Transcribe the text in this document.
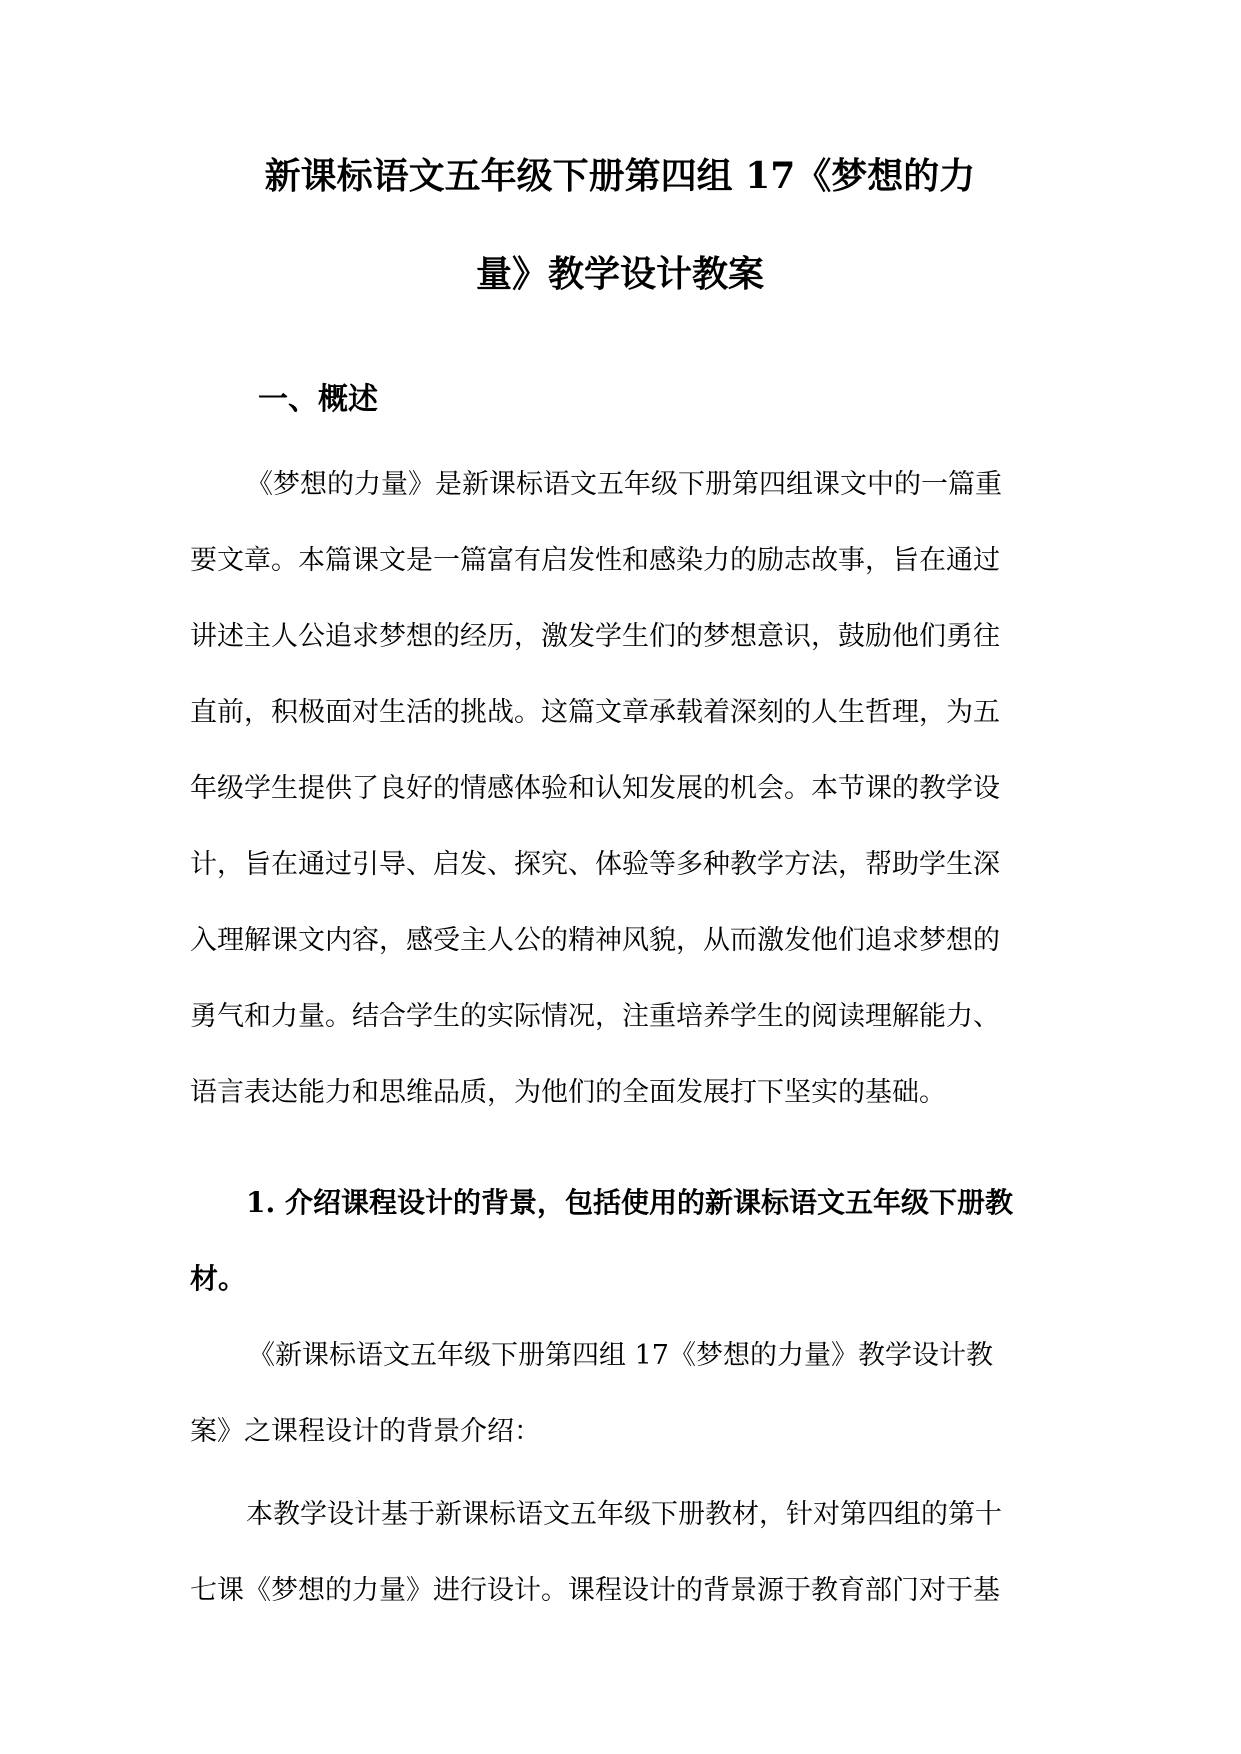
新课标语文五年级下册第四组 17《梦想的力
量》教学设计教案
一、概述
《梦想的力量》是新课标语文五年级下册第四组课文中的一篇重
要文章。本篇课文是一篇富有启发性和感染力的励志故事，旨在通过
讲述主人公追求梦想的经历，激发学生们的梦想意识，鼓励他们勇往
直前，积极面对生活的挑战。这篇文章承载着深刻的人生哲理，为五
年级学生提供了良好的情感体验和认知发展的机会。本节课的教学设
计，旨在通过引导、启发、探究、体验等多种教学方法，帮助学生深
入理解课文内容，感受主人公的精神风貌，从而激发他们追求梦想的
勇气和力量。结合学生的实际情况，注重培养学生的阅读理解能力、
语言表达能力和思维品质，为他们的全面发展打下坚实的基础。
1. 介绍课程设计的背景，包括使用的新课标语文五年级下册教
材。
《新课标语文五年级下册第四组 17《梦想的力量》教学设计教
案》之课程设计的背景介绍：
本教学设计基于新课标语文五年级下册教材，针对第四组的第十
七课《梦想的力量》进行设计。课程设计的背景源于教育部门对于基
